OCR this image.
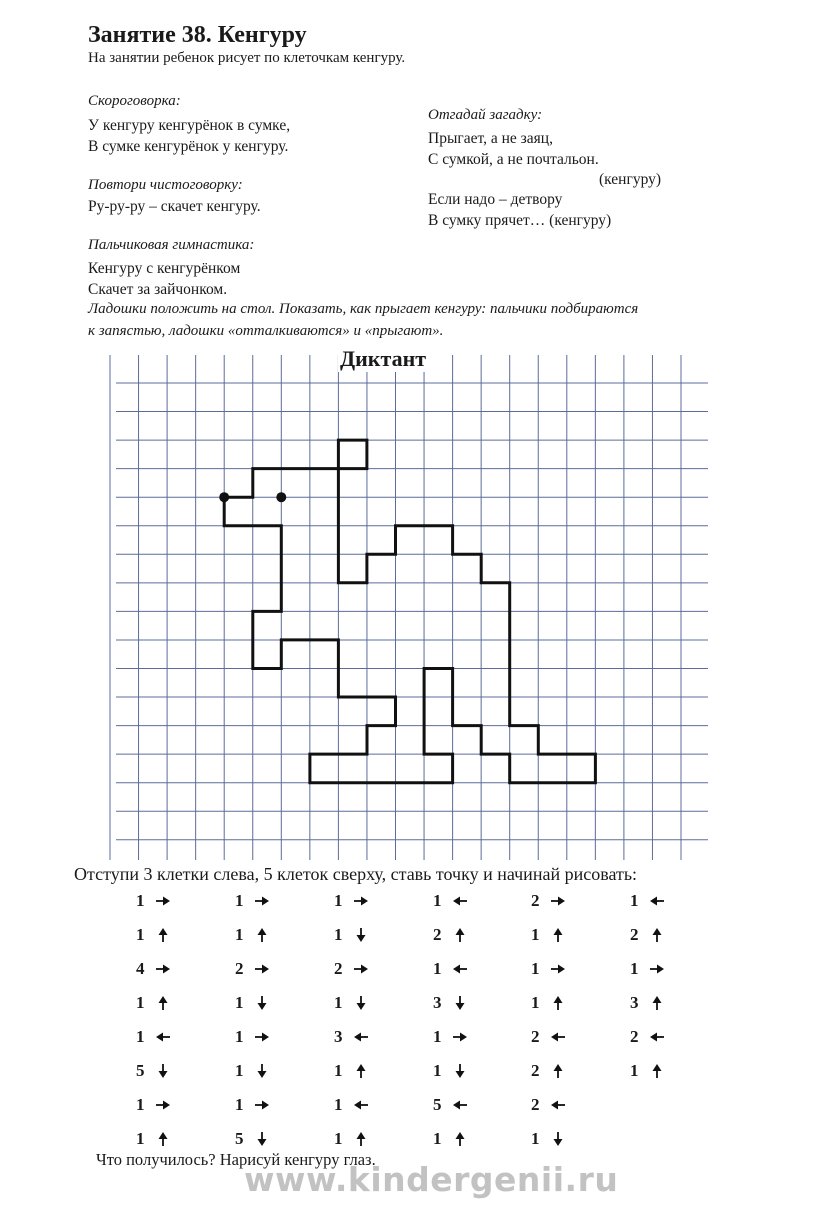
Занятие 38. Кенгуру
На занятии ребенок рисует по клеточкам кенгуру.
Скороговорка:
У кенгуру кенгурёнок в сумке,
В сумке кенгурёнок у кенгуру.
Повтори чистоговорку:
Ру-ру-ру – скачет кенгуру.
Отгадай загадку:
Прыгает, а не заяц,
С сумкой, а не почтальон.
(кенгуру)
Если надо – детвору
В сумку прячет… (кенгуру)
Пальчиковая гимнастика:
Кенгуру с кенгурёнком
Скачет за зайчонком.
Ладошки положить на стол. Показать, как прыгает кенгуру: пальчики подбираются
к запястью, ладошки «отталкиваются» и «прыгают».
Диктант
Отступи 3 клетки слева, 5 клеток сверху, ставь точку и начинай рисовать:
1
1
4
1
1
5
1
1
1
1
2
1
1
1
1
5
1
1
2
1
3
1
1
1
1
2
1
3
1
1
5
1
2
1
1
1
2
2
2
1
1
2
1
3
2
1
Что получилось? Нарисуй кенгуру глаз.
www.kindergenii.ru
